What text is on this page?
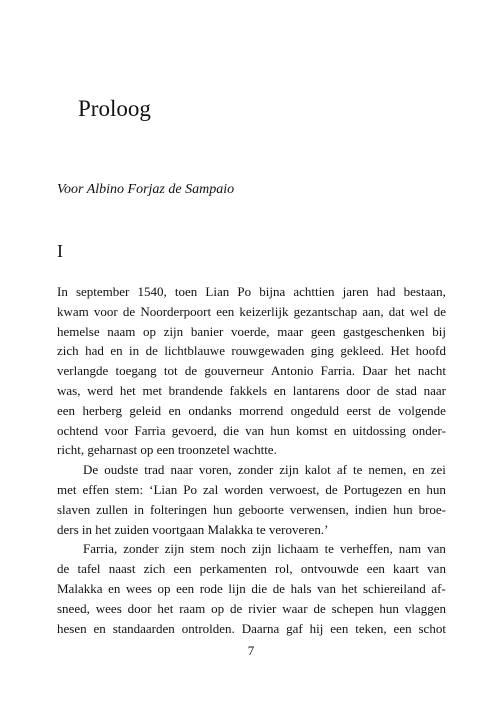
Proloog

Voor Albino Forjaz de Sampaio

I

In september 1540, toen Lian Po bijna achttien jaren had bestaan,
kwam voor de Noorderpoort een keizerlijk gezantschap aan, dat wel de
hemelse naam op zijn banier voerde, maar geen gastgeschenken bij
zich had en in de lichtblauwe rouwgewaden ging gekleed. Het hoofd
verlangde toegang tot de gouverneur Antonio Farria. Daar het nacht
was, werd het met brandende fakkels en lantarens door de stad naar
een herberg geleid en ondanks morrend ongeduld eerst de volgende
ochtend voor Farria gevoerd, die van hun komst en uitdossing onder-
richt, geharnast op een troonzetel wachtte.
De oudste trad naar voren, zonder zijn kalot af te nemen, en zei
met effen stem: ‘Lian Po zal worden verwoest, de Portugezen en hun
slaven zullen in folteringen hun geboorte verwensen, indien hun broe-
ders in het zuiden voortgaan Malakka te veroveren.’
Farria, zonder zijn stem noch zijn lichaam te verheffen, nam van
de tafel naast zich een perkamenten rol, ontvouwde een kaart van
Malakka en wees op een rode lijn die de hals van het schiereiland af-
sneed, wees door het raam op de rivier waar de schepen hun vlaggen
hesen en standaarden ontrolden. Daarna gaf hij een teken, een schot
7
